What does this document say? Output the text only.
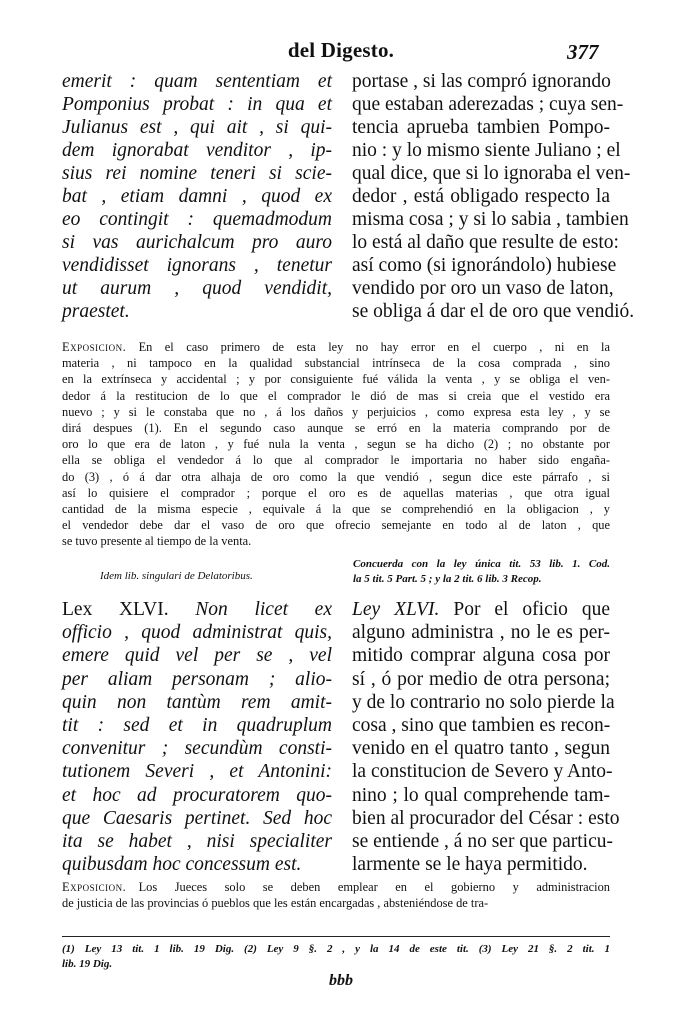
del Digesto.	377
emerit : quam sententiam et
Pomponius probat : in qua et
Julianus est , qui ait , si qui-
dem ignorabat venditor , ip-
sius rei nomine teneri si scie-
bat , etiam damni , quod ex
eo contingit : quemadmodum
si vas aurichalcum pro auro
vendidisset ignorans , tenetur
ut aurum , quod vendidit,
praestet.
portase , si las compró ignorando
que estaban aderezadas ; cuya sen-
tencia aprueba tambien Pompo-
nio : y lo mismo siente Juliano ; el
qual dice, que si lo ignoraba el ven-
dedor , está obligado respecto la
misma cosa ; y si lo sabia , tambien
lo está al daño que resulte de esto:
así como (si ignorándolo) hubiese
vendido por oro un vaso de laton,
se obliga á dar el de oro que vendió.
Exposicion.  En el caso primero de esta ley no hay error en el cuerpo , ni en la
materia , ni tampoco en la qualidad substancial intrínseca de la cosa comprada , sino
en la extrínseca y accidental ; y por consiguiente fué válida la venta , y se obliga el ven-
dedor á la restitucion de lo que el comprador le dió de mas si creia que el vestido era
nuevo ; y si le constaba que no , á los daños y perjuicios , como expresa esta ley , y se
dirá despues (1). En el segundo caso aunque se erró en la materia comprando por de
oro lo que era de laton , y fué nula la venta , segun se ha dicho (2) ; no obstante por
ella se obliga el vendedor á lo que al comprador le importaria no haber sido engaña-
do (3) , ó á dar otra alhaja de oro como la que vendió , segun dice este párrafo , si
así lo quisiere el comprador ; porque el oro es de aquellas materias , que otra igual
cantidad de la misma especie , equivale á la que se comprehendió en la obligacion , y
el vendedor debe dar el vaso de oro que ofrecio semejante en todo al de laton , que
se tuvo presente al tiempo de la venta.
Idem lib. singulari de Delatoribus.
Concuerda con la ley única tit. 53 lib. 1. Cod.
la 5 tit. 5 Part. 5 ; y la 2 tit. 6 lib. 3 Recop.
Lex XLVI. Non licet ex
officio , quod administrat quis,
emere quid vel per se , vel
per aliam personam ; alio-
quin non tantùm rem amit-
tit : sed et in quadruplum
convenitur ; secundùm consti-
tutionem Severi , et Antonini:
et hoc ad procuratorem quo-
que Caesaris pertinet. Sed hoc
ita se habet , nisi specialiter
quibusdam hoc concessum est.
Ley XLVI. Por el oficio que
alguno administra , no le es per-
mitido comprar alguna cosa por
sí , ó por medio de otra persona;
y de lo contrario no solo pierde la
cosa , sino que tambien es recon-
venido en el quatro tanto , segun
la constitucion de Severo y Anto-
nino ; lo qual comprehende tam-
bien al procurador del César : esto
se entiende , á no ser que particu-
larmente se le haya permitido.
Exposicion.  Los Jueces solo se deben emplear en el gobierno y administracion
de justicia de las provincias ó pueblos que les están encargadas , absteniéndose de tra-
(1) Ley 13 tit. 1 lib. 19 Dig. (2) Ley 9 §. 2 , y la 14 de este tit. (3) Ley 21 §. 2 tit. 1
lib. 19 Dig.
bbb
